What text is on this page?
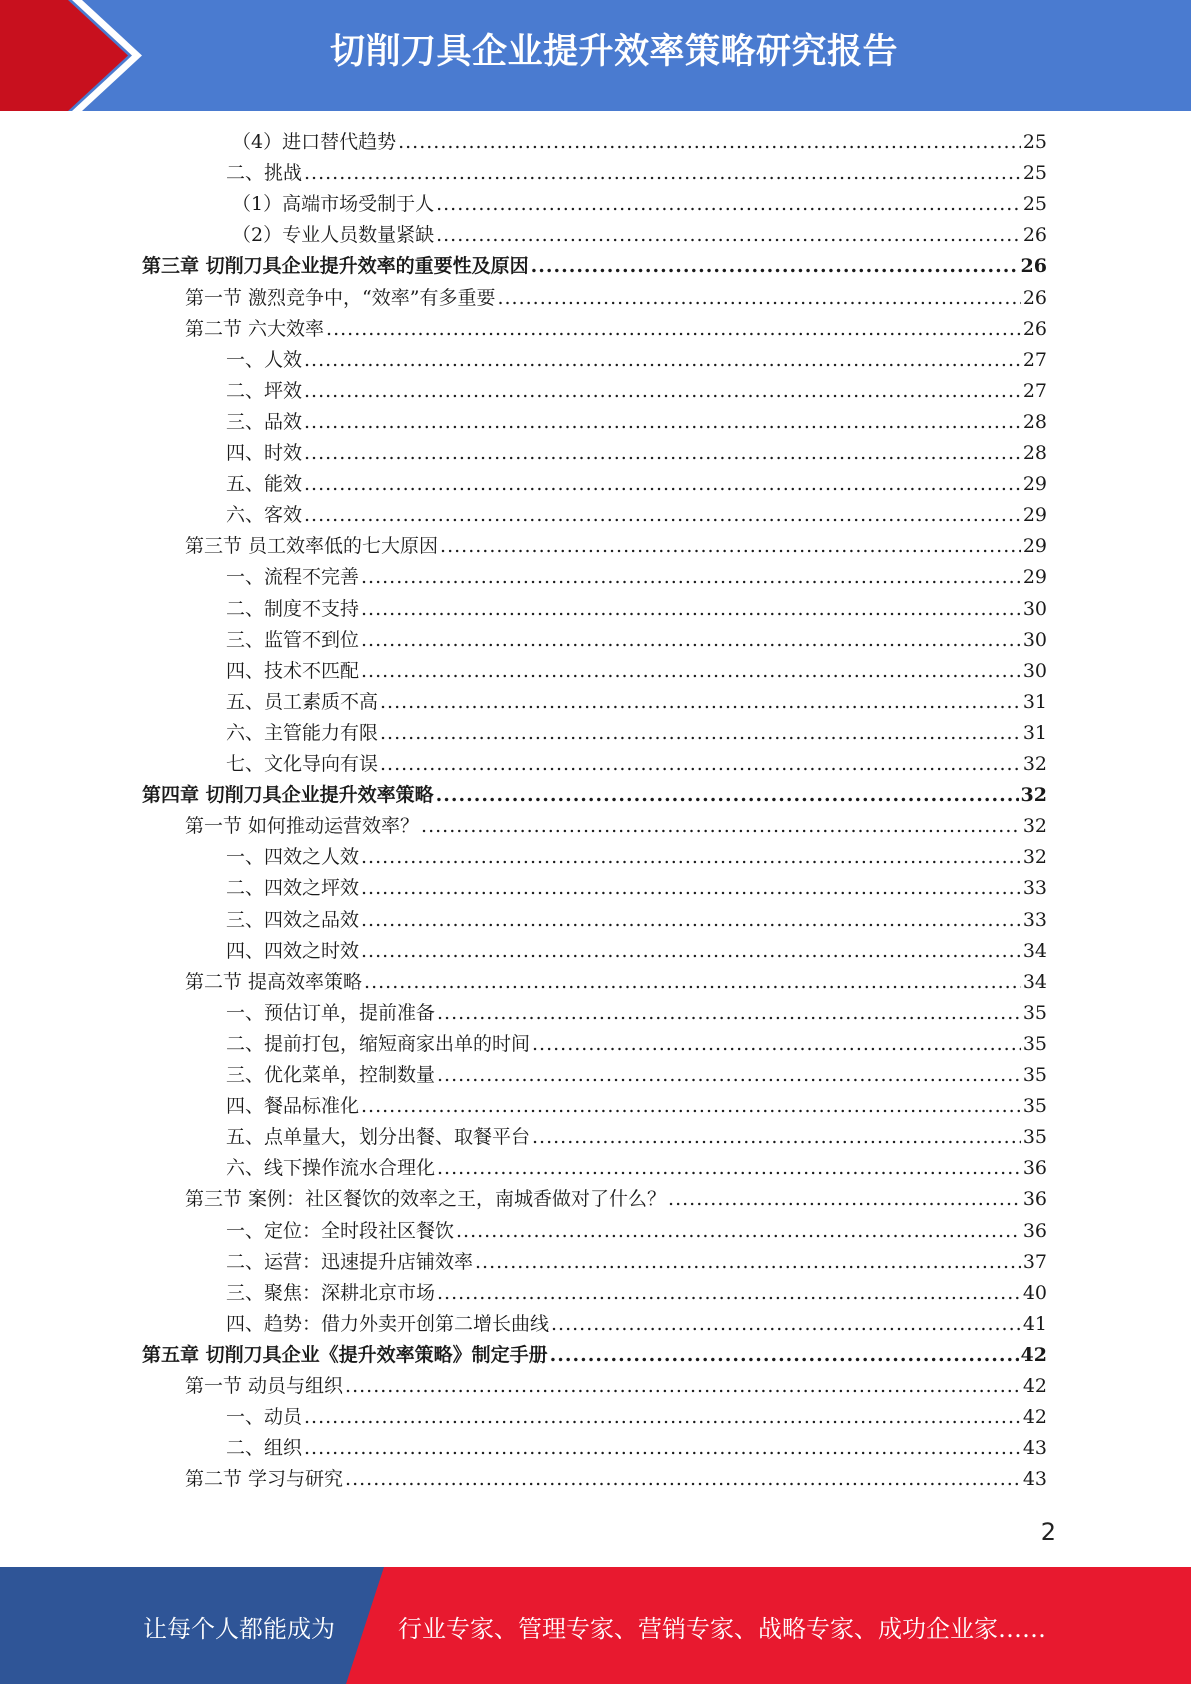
切削刀具企业提升效率策略研究报告
（4）进口替代趋势 .....	25
二、挑战 .....	25
（1）高端市场受制于人 .....	25
（2）专业人员数量紧缺 .....	26
第三章 切削刀具企业提升效率的重要性及原因 .....	26
第一节 激烈竞争中，“效率”有多重要 .....	26
第二节 六大效率 .....	26
一、人效 .....	27
二、坪效 .....	27
三、品效 .....	28
四、时效 .....	28
五、能效 .....	29
六、客效 .....	29
第三节 员工效率低的七大原因 .....	29
一、流程不完善 .....	29
二、制度不支持 .....	30
三、监管不到位 .....	30
四、技术不匹配 .....	30
五、员工素质不高 .....	31
六、主管能力有限 .....	31
七、文化导向有误 .....	32
第四章 切削刀具企业提升效率策略 .....	32
第一节 如何推动运营效率？ .....	32
一、四效之人效 .....	32
二、四效之坪效 .....	33
三、四效之品效 .....	33
四、四效之时效 .....	34
第二节 提高效率策略 .....	34
一、预估订单，提前准备 .....	35
二、提前打包，缩短商家出单的时间 .....	35
三、优化菜单，控制数量 .....	35
四、餐品标准化 .....	35
五、点单量大，划分出餐、取餐平台 .....	35
六、线下操作流水合理化 .....	36
第三节 案例：社区餐饮的效率之王，南城香做对了什么？ .....	36
一、定位：全时段社区餐饮 .....	36
二、运营：迅速提升店铺效率 .....	37
三、聚焦：深耕北京市场 .....	40
四、趋势：借力外卖开创第二增长曲线 .....	41
第五章 切削刀具企业《提升效率策略》制定手册 .....	42
第一节 动员与组织 .....	42
一、动员 .....	42
二、组织 .....	43
第二节 学习与研究 .....	43
2
让每个人都能成为	行业专家、管理专家、营销专家、战略专家、成功企业家……
